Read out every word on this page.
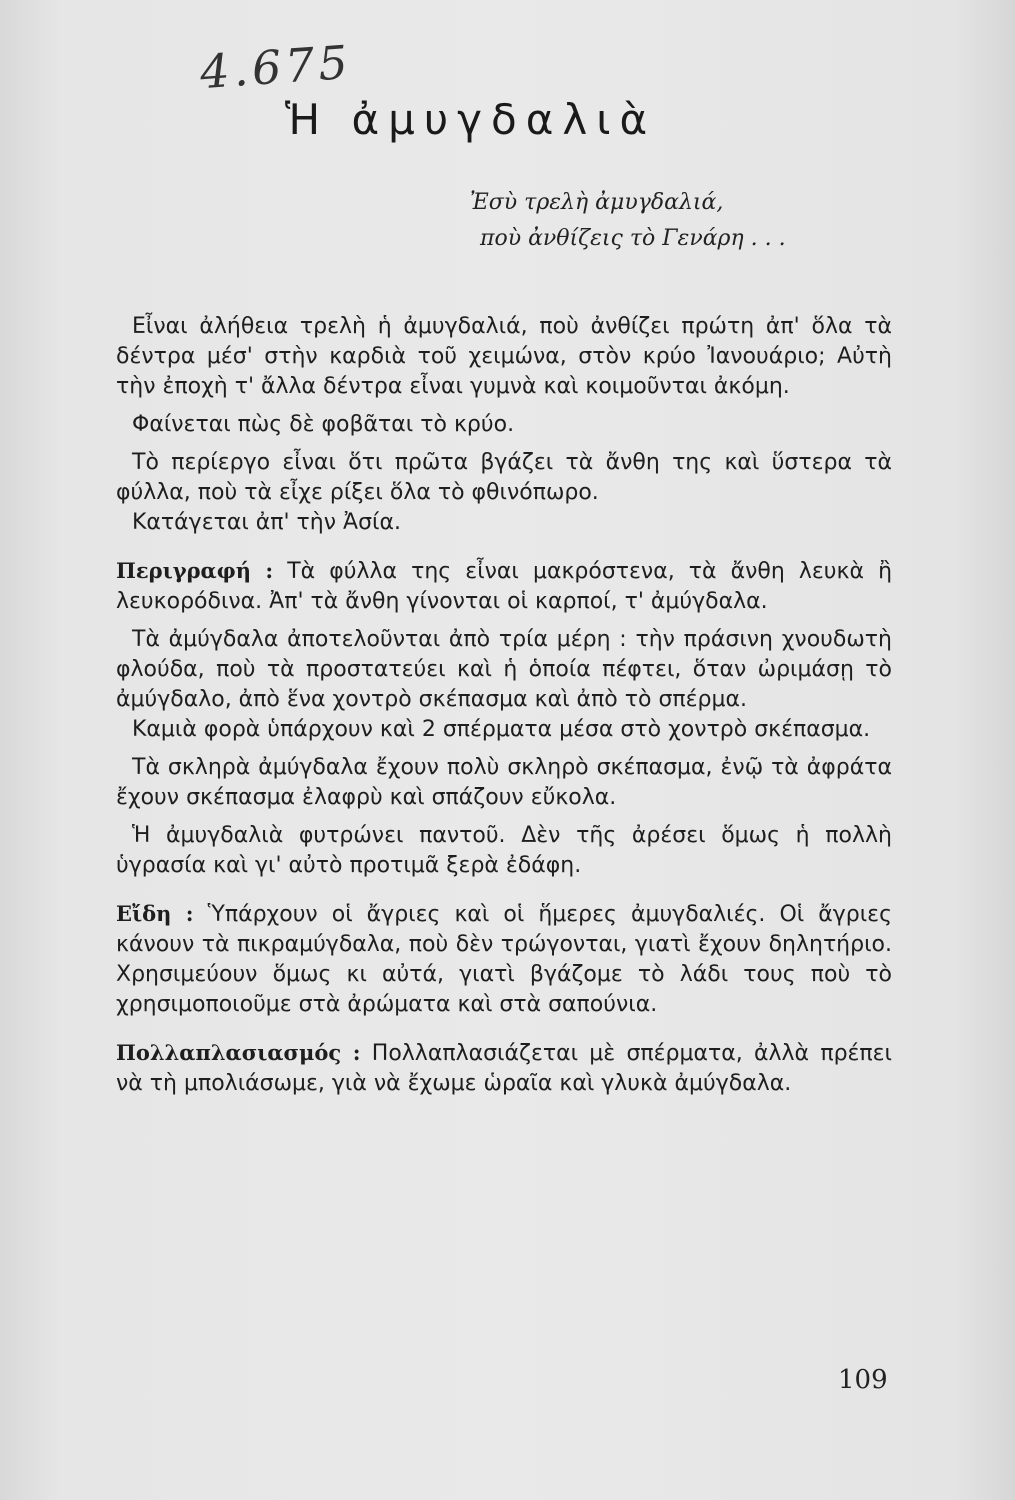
4.675
Ἡ ἀμυγδαλιὰ
Ἐσὺ τρελὴ ἀμυγδαλιά,
ποὺ ἀνθίζεις τὸ Γενάρη . . .

Εἶναι ἀλήθεια τρελὴ ἡ ἀμυγδαλιά, ποὺ ἀνθίζει πρώτη ἀπ' ὅλα τὰ δέντρα μέσ' στὴν καρδιὰ τοῦ χειμώνα, στὸν κρύο Ἰανουάριο; Αὐτὴ τὴν ἐποχὴ τ' ἄλλα δέντρα εἶναι γυμνὰ καὶ κοιμοῦνται ἀκόμη.

Φαίνεται πὼς δὲ φοβᾶται τὸ κρύο.

Τὸ περίεργο εἶναι ὅτι πρῶτα βγάζει τὰ ἄνθη της καὶ ὕστερα τὰ φύλλα, ποὺ τὰ εἶχε ρίξει ὅλα τὸ φθινόπωρο.

Κατάγεται ἀπ' τὴν Ἀσία.

Περιγραφή : Τὰ φύλλα της εἶναι μακρόστενα, τὰ ἄνθη λευκὰ ἢ λευκορόδινα. Ἀπ' τὰ ἄνθη γίνονται οἱ καρποί, τ' ἀμύγδαλα.

Τὰ ἀμύγδαλα ἀποτελοῦνται ἀπὸ τρία μέρη : τὴν πράσινη χνουδωτὴ φλούδα, ποὺ τὰ προστατεύει καὶ ἡ ὁποία πέφτει, ὅταν ὠριμάσῃ τὸ ἀμύγδαλο, ἀπὸ ἕνα χοντρὸ σκέπασμα καὶ ἀπὸ τὸ σπέρμα.

Καμιὰ φορὰ ὑπάρχουν καὶ 2 σπέρματα μέσα στὸ χοντρὸ σκέπασμα.

Τὰ σκληρὰ ἀμύγδαλα ἔχουν πολὺ σκληρὸ σκέπασμα, ἐνῷ τὰ ἀφράτα ἔχουν σκέπασμα ἐλαφρὺ καὶ σπάζουν εὔκολα.

Ἡ ἀμυγδαλιὰ φυτρώνει παντοῦ. Δὲν τῆς ἀρέσει ὅμως ἡ πολλὴ ὑγρασία καὶ γι' αὐτὸ προτιμᾶ ξερὰ ἐδάφη.

Εἴδη : Ὑπάρχουν οἱ ἄγριες καὶ οἱ ἥμερες ἀμυγδαλιές. Οἱ ἄγριες κάνουν τὰ πικραμύγδαλα, ποὺ δὲν τρώγονται, γιατὶ ἔχουν δηλητήριο. Χρησιμεύουν ὅμως κι αὐτά, γιατὶ βγάζομε τὸ λάδι τους ποὺ τὸ χρησιμοποιοῦμε στὰ ἀρώματα καὶ στὰ σαπούνια.

Πολλαπλασιασμός : Πολλαπλασιάζεται μὲ σπέρματα, ἀλλὰ πρέπει νὰ τὴ μπολιάσωμε, γιὰ νὰ ἔχωμε ὡραῖα καὶ γλυκὰ ἀμύγδαλα.

109
